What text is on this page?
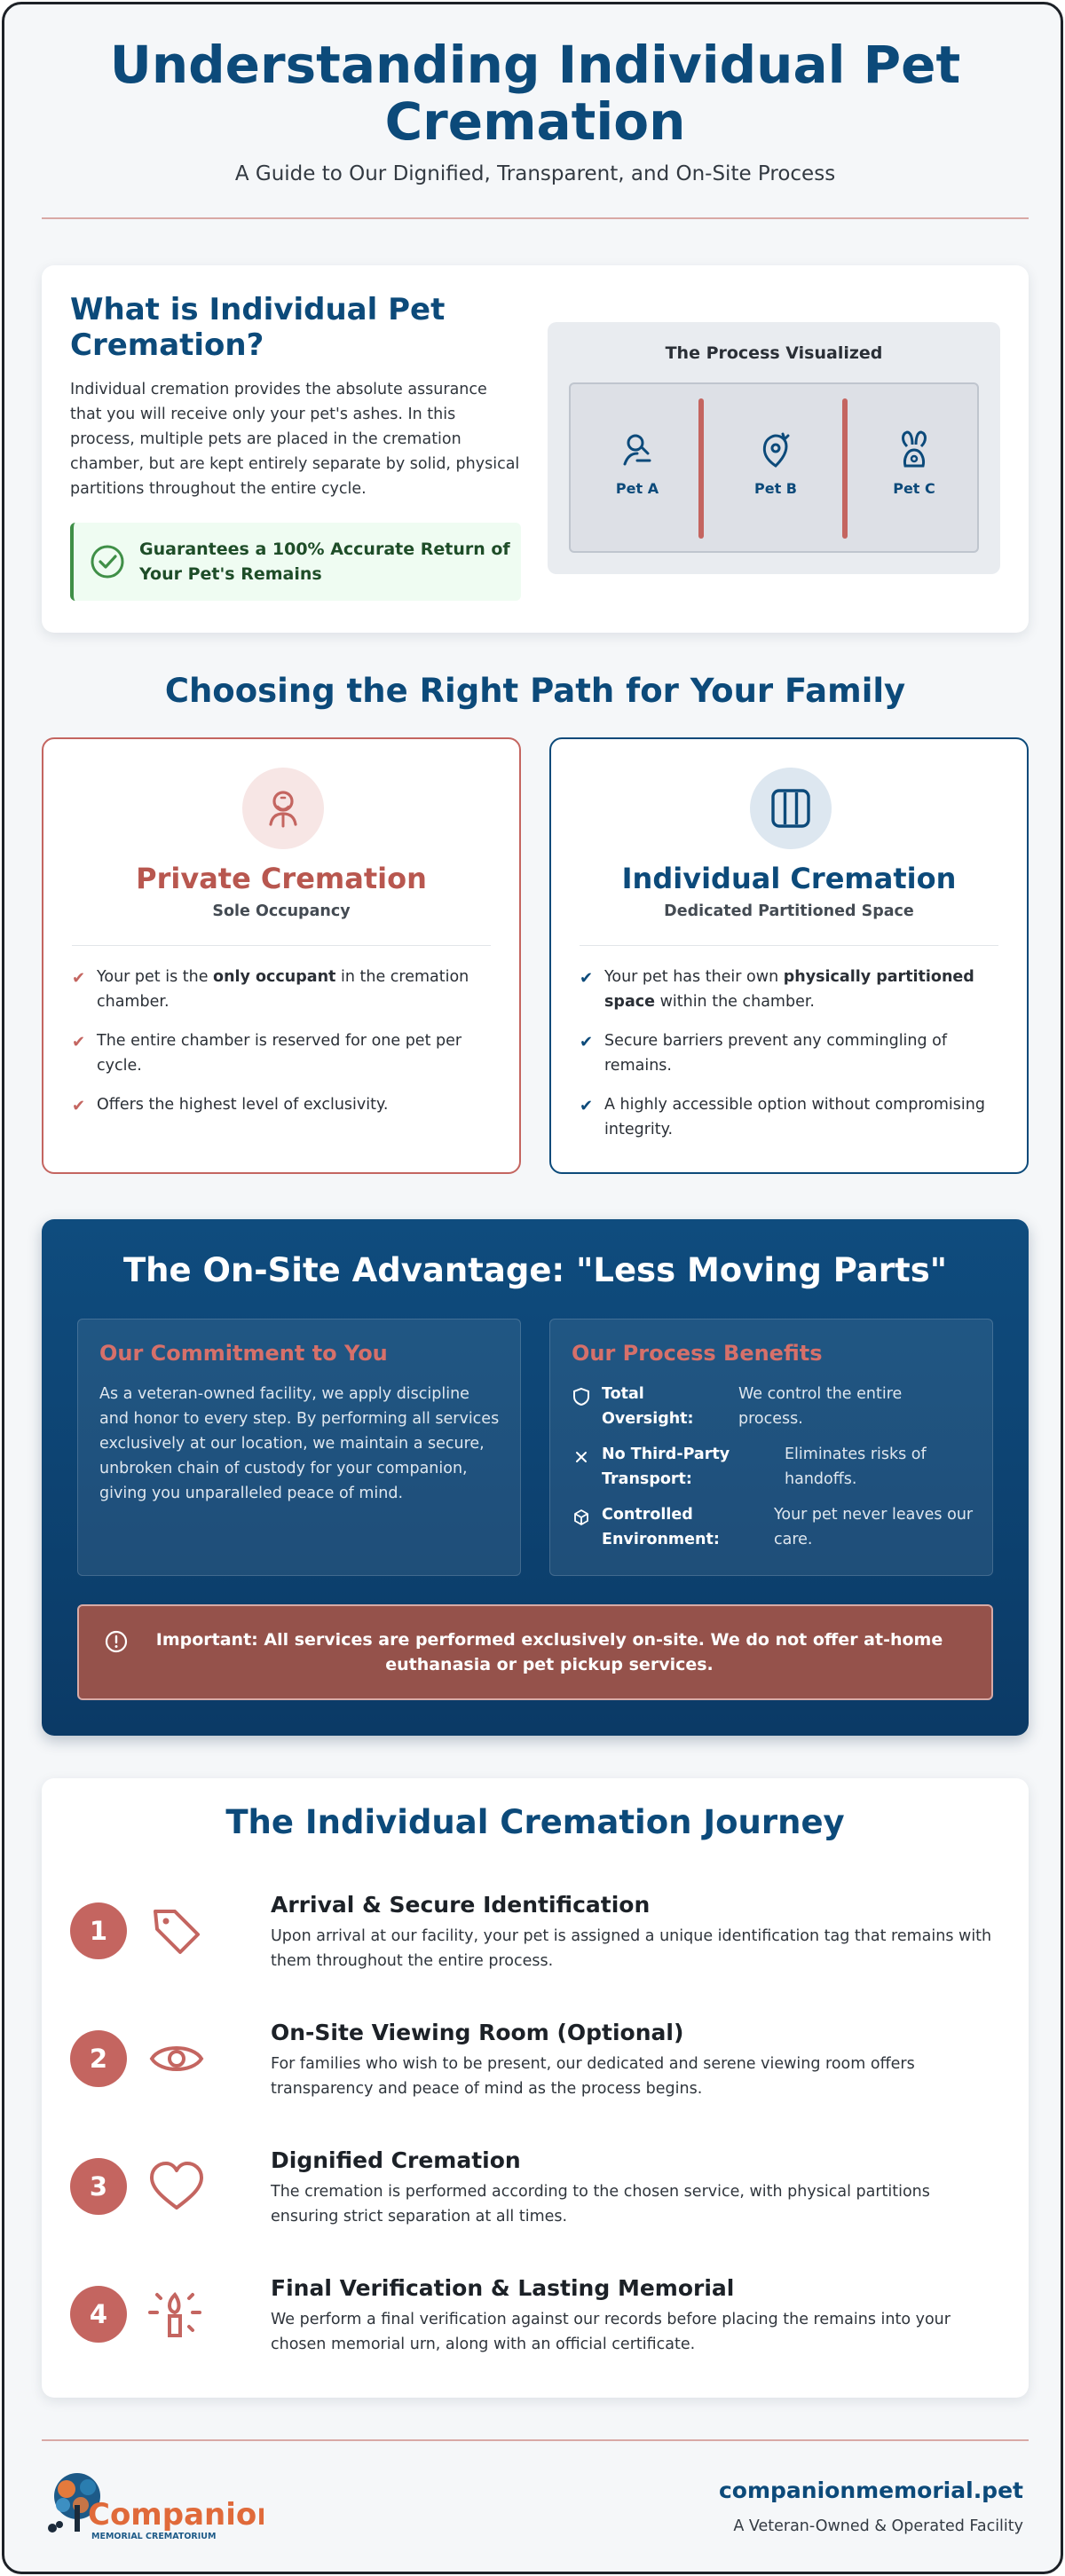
Understanding Individual Pet Cremation
A Guide to Our Dignified, Transparent, and On-Site Process
What is Individual Pet Cremation?
Individual cremation provides the absolute assurance that you will receive only your pet's ashes. In this process, multiple pets are placed in the cremation chamber, but are kept entirely separate by solid, physical partitions throughout the entire cycle.
Guarantees a 100% Accurate Return of Your Pet's Remains
The Process Visualized
Pet A	Pet B	Pet C
Choosing the Right Path for Your Family
Private Cremation
Sole Occupancy
✔ Your pet is the only occupant in the cremation chamber.
✔ The entire chamber is reserved for one pet per cycle.
✔ Offers the highest level of exclusivity.
Individual Cremation
Dedicated Partitioned Space
✔ Your pet has their own physically partitioned space within the chamber.
✔ Secure barriers prevent any commingling of remains.
✔ A highly accessible option without compromising integrity.
The On-Site Advantage: "Less Moving Parts"
Our Commitment to You
As a veteran-owned facility, we apply discipline and honor to every step. By performing all services exclusively at our location, we maintain a secure, unbroken chain of custody for your companion, giving you unparalleled peace of mind.
Our Process Benefits
Total Oversight:
We control the entire process.
No Third-Party Transport:
Eliminates risks of handoffs.
Controlled Environment:
Your pet never leaves our care.
Important: All services are performed exclusively on-site. We do not offer at-home euthanasia or pet pickup services.
The Individual Cremation Journey
1
Arrival & Secure Identification
Upon arrival at our facility, your pet is assigned a unique identification tag that remains with them throughout the entire process.
2
On-Site Viewing Room (Optional)
For families who wish to be present, our dedicated and serene viewing room offers transparency and peace of mind as the process begins.
3
Dignified Cremation
The cremation is performed according to the chosen service, with physical partitions ensuring strict separation at all times.
4
Final Verification & Lasting Memorial
We perform a final verification against our records before placing the remains into your chosen memorial urn, along with an official certificate.
Companion
MEMORIAL CREMATORIUM
companionmemorial.pet
A Veteran-Owned & Operated Facility
